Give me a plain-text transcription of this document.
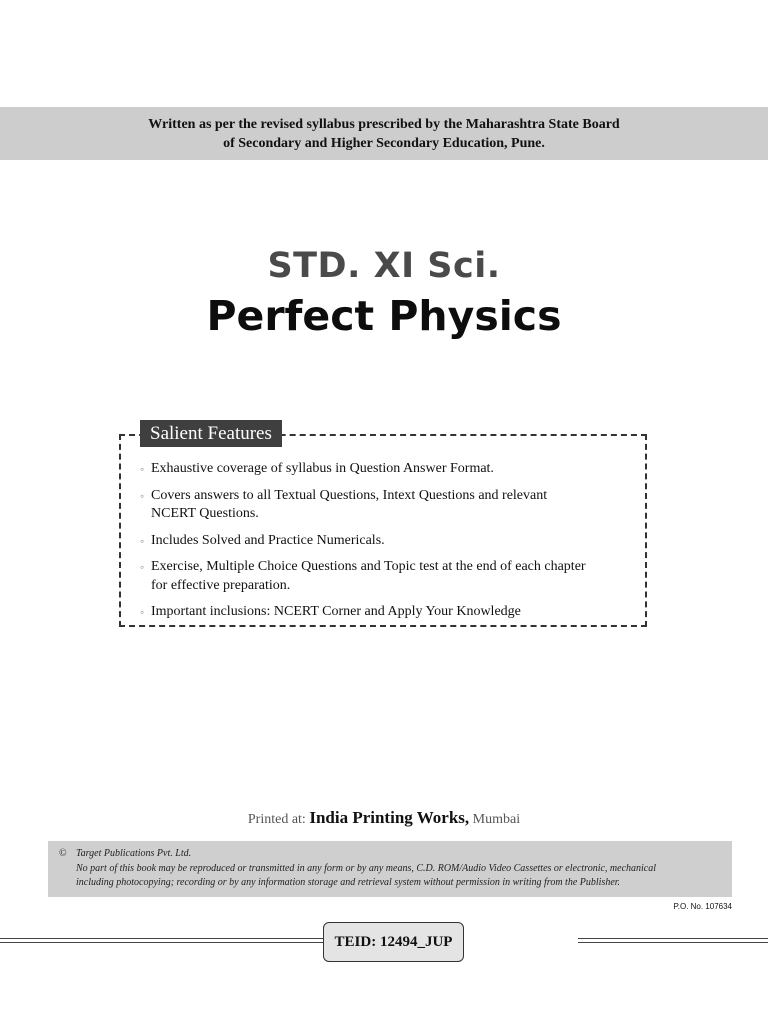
Written as per the revised syllabus prescribed by the Maharashtra State Board
of Secondary and Higher Secondary Education, Pune.
STD. XI Sci.
Perfect Physics
Salient Features
◦ Exhaustive coverage of syllabus in Question Answer Format.
◦ Covers answers to all Textual Questions, Intext Questions and relevant
NCERT Questions.
◦ Includes Solved and Practice Numericals.
◦ Exercise, Multiple Choice Questions and Topic test at the end of each chapter
for effective preparation.
◦ Important inclusions: NCERT Corner and Apply Your Knowledge
Printed at: India Printing Works, Mumbai
© Target Publications Pvt. Ltd.
No part of this book may be reproduced or transmitted in any form or by any means, C.D. ROM/Audio Video Cassettes or electronic, mechanical
including photocopying; recording or by any information storage and retrieval system without permission in writing from the Publisher.
P.O. No. 107634
TEID: 12494_JUP
